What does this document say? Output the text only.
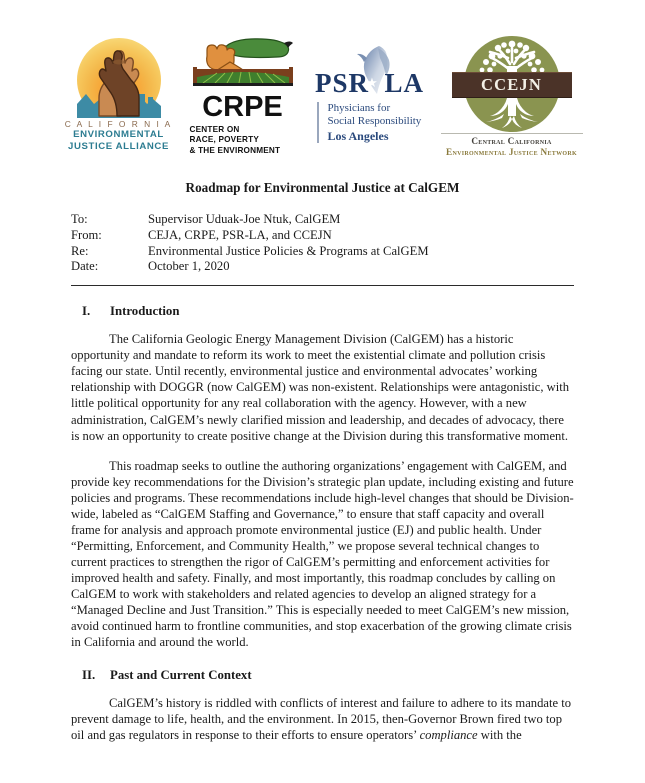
C A L I F O R N I A
ENVIRONMENTAL
JUSTICE ALLIANCE
CRPE
CENTER ON
RACE, POVERTY
& THE ENVIRONMENT
PSR LA
★
Physicians for
Social Responsibility
Los Angeles
CCEJN
Central California
Environmental Justice Network
Roadmap for Environmental Justice at CalGEM
To:	Supervisor Uduak-Joe Ntuk, CalGEM
From:	CEJA, CRPE, PSR-LA, and CCEJN
Re:	Environmental Justice Policies & Programs at CalGEM
Date:	October 1, 2020
I.	Introduction

The California Geologic Energy Management Division (CalGEM) has a historic opportunity and mandate to reform its work to meet the existential climate and pollution crisis facing our state. Until recently, environmental justice and environmental advocates’ working relationship with DOGGR (now CalGEM) was non-existent. Relationships were antagonistic, with little political opportunity for any real collaboration with the agency. However, with a new administration, CalGEM’s newly clarified mission and leadership, and decades of advocacy, there is now an opportunity to create positive change at the Division during this transformative moment.

This roadmap seeks to outline the authoring organizations’ engagement with CalGEM, and provide key recommendations for the Division’s strategic plan update, including existing and future policies and programs. These recommendations include high-level changes that should be Division-wide, labeled as “CalGEM Staffing and Governance,” to ensure that staff capacity and overall frame for analysis and approach promote environmental justice (EJ) and public health. Under “Permitting, Enforcement, and Community Health,” we propose several technical changes to current practices to strengthen the rigor of CalGEM’s permitting and enforcement activities for improved health and safety. Finally, and most importantly, this roadmap concludes by calling on CalGEM to work with stakeholders and related agencies to develop an aligned strategy for a “Managed Decline and Just Transition.” This is especially needed to meet CalGEM’s new mission, avoid continued harm to frontline communities, and stop exacerbation of the growing climate crisis in California and around the world.

II.	Past and Current Context

CalGEM’s history is riddled with conflicts of interest and failure to adhere to its mandate to prevent damage to life, health, and the environment. In 2015, then-Governor Brown fired two top oil and gas regulators in response to their efforts to ensure operators’ compliance with the
